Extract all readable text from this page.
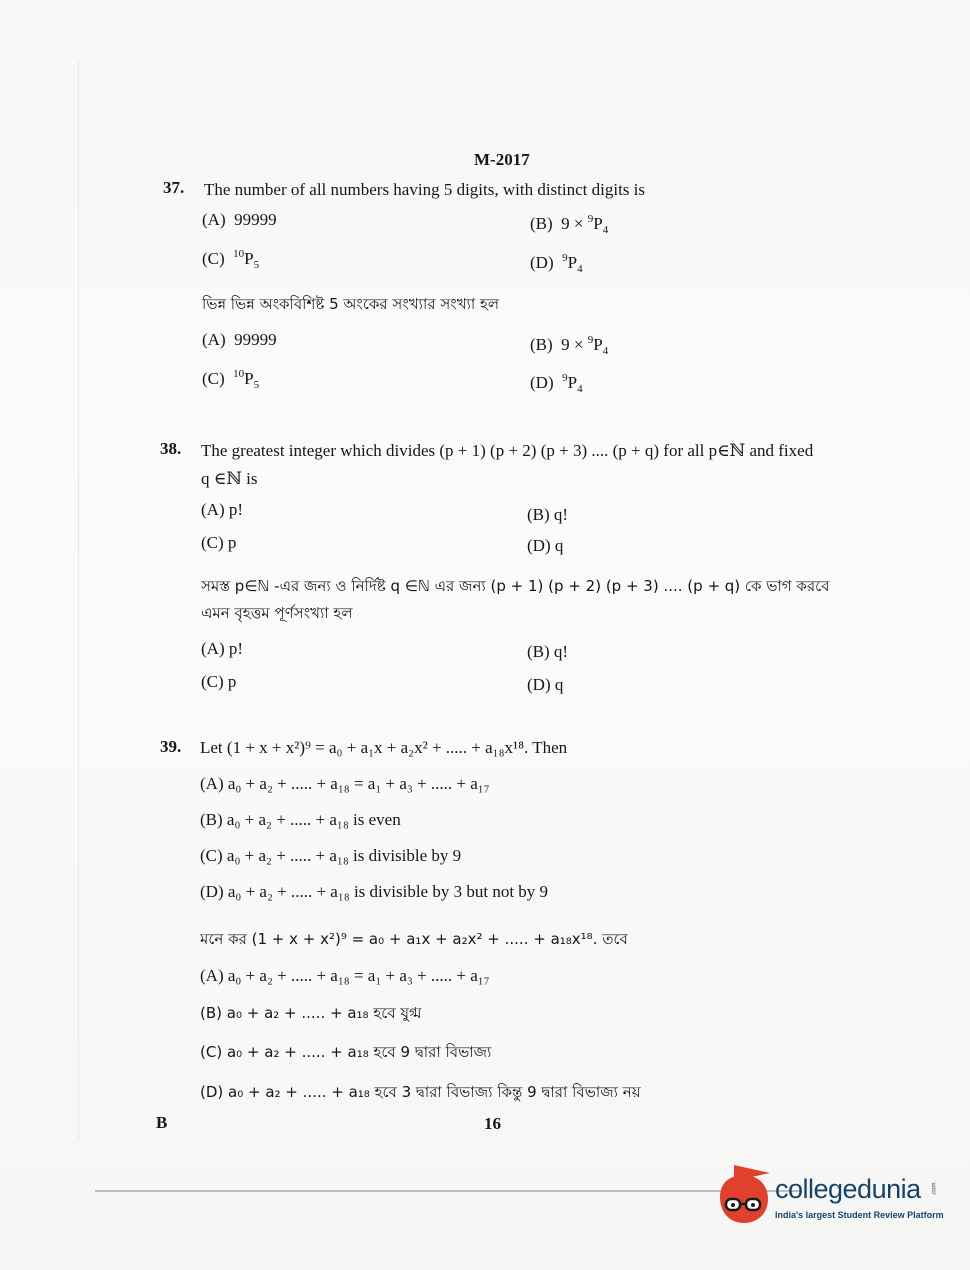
M-2017
37. The number of all numbers having 5 digits, with distinct digits is
(A) 99999	(B) $9 \times ^9P_4$
(C) $^{10}P_5$	(D) $^9P_4$
ভিন্ন ভিন্ন অংকবিশিষ্ট 5 অংকের সংখ্যার সংখ্যা হল
(A) 99999	(B) $9 \times ^9P_4$
(C) $^{10}P_5$	(D) $^9P_4$
38. The greatest integer which divides (p + 1) (p + 2) (p + 3) .... (p + q) for all p∈ℕ and fixed
q ∈ℕ is
(A) p!	(B) q!
(C) p	(D) q
সমস্ত p∈ℕ -এর জন্য ও নির্দিষ্ট q ∈ℕ এর জন্য (p + 1) (p + 2) (p + 3) .... (p + q) কে ভাগ করবে
এমন বৃহত্তম পূর্ণসংখ্যা হল
(A) p!	(B) q!
(C) p	(D) q
39. Let (1 + x + x²)⁹ = a₀ + a₁x + a₂x² + ..... + a₁₈x¹⁸. Then
(A) a₀ + a₂ + ..... + a₁₈ = a₁ + a₃ + ..... + a₁₇
(B) a₀ + a₂ + ..... + a₁₈ is even
(C) a₀ + a₂ + ..... + a₁₈ is divisible by 9
(D) a₀ + a₂ + ..... + a₁₈ is divisible by 3 but not by 9
মনে কর (1 + x + x²)⁹ = a₀ + a₁x + a₂x² + ..... + a₁₈x¹⁸. তবে
(A) a₀ + a₂ + ..... + a₁₈ = a₁ + a₃ + ..... + a₁₇
(B) a₀ + a₂ + ..... + a₁₈ হবে যুগ্ম
(C) a₀ + a₂ + ..... + a₁₈ হবে 9 দ্বারা বিভাজ্য
(D) a₀ + a₂ + ..... + a₁₈ হবে 3 দ্বারা বিভাজ্য কিন্তু 9 দ্বারা বিভাজ্য নয়
B	16
collegedunia .com
India's largest Student Review Platform
